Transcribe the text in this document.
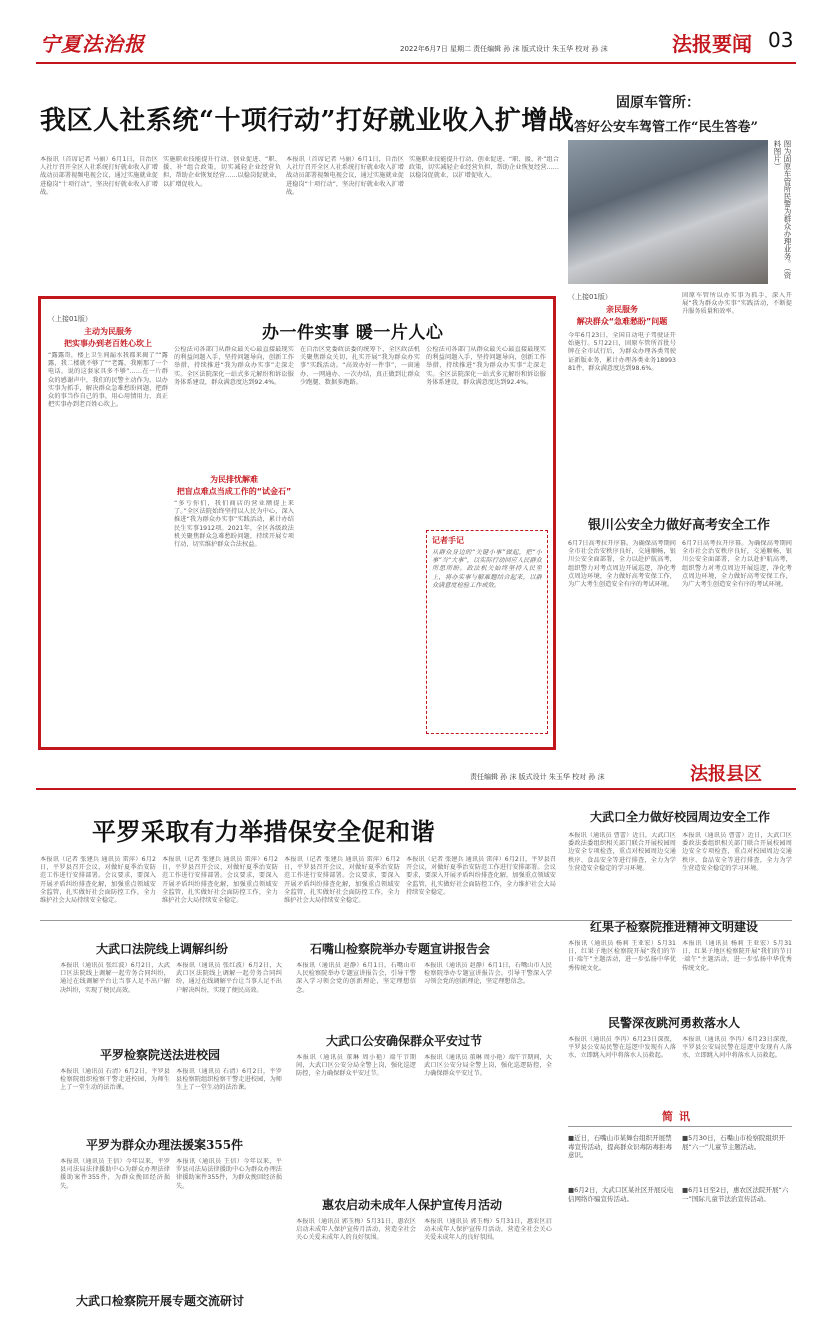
宁夏法治报	2022年6月7日 星期二 责任编辑 孙 沫 版式设计 朱玉华 校对 孙 沫	法报要闻 03
我区人社系统“十项行动”打好就业收入扩增战
本报讯（首席记者 马丽）6月1日，自治区人社厅召开全区人社系统打好就业收入扩增战动员部署视频电视会议，通过实施就业促进稳岗“十项行动”，坚决打好就业收入扩增战。
实施职业技能提升行动、创业促进、“职、援、补”组合政策，切实减轻企业经营负担，帮助企业恢复经营……以稳岗促就业，以扩增促收入。
本报讯（首席记者 马丽）6月1日，自治区人社厅召开全区人社系统打好就业收入扩增战动员部署视频电视会议，通过实施就业促进稳岗“十项行动”，坚决打好就业收入扩增战。
实施职业技能提升行动、创业促进、“职、援、补”组合政策，切实减轻企业经营负担，帮助企业恢复经营……以稳岗促就业，以扩增促收入。
固原车管所：
答好公安车驾管工作“民生答卷”
图为固原车管所民警为群众办理业务。（资料图片）
（上接01版）
办一件实事 暖一片人心
主动为民服务
把实事办到老百姓心坎上
“露露哥，楼上卫生间漏水我都来揭了”“露露，我二楼就不够了”“老露，我刚那了一个电话，说的这套家具多不够”……在一片群众的感谢声中，我们的民警主动作为，以办实事为抓手，解决群众急难愁盼问题，把群众的事当作自己的事，用心用情用力，真正把实事办到老百姓心坎上。
公检法司各部门从群众最关心最直接最现实的利益问题入手，坚持问题导向，创新工作举措，持续推进“我为群众办实事”走深走实。全区法院深化一站式多元解纷和诉讼服务体系建设，群众满意度达到92.4%。
为民排忧解难
把盲点难点当成工作的“试金石”
“多亏你们，我们商店的营业额提上来了。”全区法院始终坚持以人民为中心，深入推进“我为群众办实事”实践活动，累计办结民生实事1912项。2021年，全区各级政法机关聚焦群众急难愁盼问题，持续开展专项行动，切实维护群众合法权益。
在自治区党委政法委的统筹下，全区政法机关聚焦群众关切，扎实开展“我为群众办实事”实践活动。“高效办好一件事”，一窗通办、一网通办、一次办结，真正做到让群众少跑腿、数据多跑路。
公检法司各部门从群众最关心最直接最现实的利益问题入手，坚持问题导向，创新工作举措，持续推进“我为群众办实事”走深走实。全区法院深化一站式多元解纷和诉讼服务体系建设，群众满意度达到92.4%。
记者手记
从群众身边的“关键小事”做起，把“小事”当“大事”，以实际行动回应人民群众所思所盼。政法机关始终坚持人民至上，将办实事与解难题结合起来，以群众满意度检验工作成效。
（上接01版）
亲民服务
解决群众“急难愁盼”问题
今年6月23日，全国自动电子驾驶证开始施行。5月22日，固原车管所首批号牌在全市试行后，为群众办理各类驾驶证新版业务，累计办理各类业务1899381件，群众满意度达到98.6%。
固原车管所以办实事为抓手，深入开展“我为群众办实事”实践活动，不断提升服务质量和效率。
银川公安全力做好高考安全工作
6月7日高考拉开序幕。为确保高考期间全市社会治安秩序良好，交通顺畅，银川公安全面部署，全力以赴护航高考，组织警力对考点周边开展巡逻，净化考点周边环境，全力做好高考安保工作，为广大考生创造安全有序的考试环境。
6月7日高考拉开序幕。为确保高考期间全市社会治安秩序良好，交通顺畅，银川公安全面部署，全力以赴护航高考，组织警力对考点周边开展巡逻，净化考点周边环境，全力做好高考安保工作，为广大考生创造安全有序的考试环境。
责任编辑 孙 沫 版式设计 朱玉华 校对 孙 沫	法报县区
平罗采取有力举措保安全促和谐
本报讯（记者 张建兵 通讯员 雷萍）6月2日，平罗县召开会议，对做好夏季治安防范工作进行安排部署。会议要求，要深入开展矛盾纠纷排查化解，加强重点领域安全监管，扎实做好社会面防控工作，全力维护社会大局持续安全稳定。
本报讯（记者 张建兵 通讯员 雷萍）6月2日，平罗县召开会议，对做好夏季治安防范工作进行安排部署。会议要求，要深入开展矛盾纠纷排查化解，加强重点领域安全监管，扎实做好社会面防控工作，全力维护社会大局持续安全稳定。
本报讯（记者 张建兵 通讯员 雷萍）6月2日，平罗县召开会议，对做好夏季治安防范工作进行安排部署。会议要求，要深入开展矛盾纠纷排查化解，加强重点领域安全监管，扎实做好社会面防控工作，全力维护社会大局持续安全稳定。
本报讯（记者 张建兵 通讯员 雷萍）6月2日，平罗县召开会议，对做好夏季治安防范工作进行安排部署。会议要求，要深入开展矛盾纠纷排查化解，加强重点领域安全监管，扎实做好社会面防控工作，全力维护社会大局持续安全稳定。
大武口全力做好校园周边安全工作
本报讯（通讯员 曹蕾）近日，大武口区委政法委组织相关部门联合开展校园周边安全专项检查，重点对校园周边交通秩序、食品安全等进行排查，全力为学生营造安全稳定的学习环境。
本报讯（通讯员 曹蕾）近日，大武口区委政法委组织相关部门联合开展校园周边安全专项检查，重点对校园周边交通秩序、食品安全等进行排查，全力为学生营造安全稳定的学习环境。
大武口法院线上调解纠纷
本报讯（通讯员 张红波）6月2日，大武口区法院线上调解一起劳务合同纠纷，通过在线调解平台让当事人足不出户解决纠纷，实现了便民高效。
本报讯（通讯员 张红波）6月2日，大武口区法院线上调解一起劳务合同纠纷，通过在线调解平台让当事人足不出户解决纠纷，实现了便民高效。
石嘴山检察院举办专题宣讲报告会
本报讯（通讯员 赵静）6月1日，石嘴山市人民检察院举办专题宣讲报告会，引导干警深入学习领会党的创新理论，坚定理想信念。
本报讯（通讯员 赵静）6月1日，石嘴山市人民检察院举办专题宣讲报告会，引导干警深入学习领会党的创新理论，坚定理想信念。
红果子检察院推进精神文明建设
本报讯（通讯员 杨莉 王亚宏）5月31日，红果子地区检察院开展“我们的节日·端午”主题活动，进一步弘扬中华优秀传统文化。
本报讯（通讯员 杨莉 王亚宏）5月31日，红果子地区检察院开展“我们的节日·端午”主题活动，进一步弘扬中华优秀传统文化。
平罗检察院送法进校园
本报讯（通讯员 石清）6月2日，平罗县检察院组织检察干警走进校园，为师生上了一堂生动的法治课。
本报讯（通讯员 石清）6月2日，平罗县检察院组织检察干警走进校园，为师生上了一堂生动的法治课。
大武口公安确保群众平安过节
本报讯（通讯员 董琳 周小艳）端午节期间，大武口区公安分局全警上岗，强化巡逻防控，全力确保群众平安过节。
本报讯（通讯员 董琳 周小艳）端午节期间，大武口区公安分局全警上岗，强化巡逻防控，全力确保群众平安过节。
民警深夜跳河勇救落水人
本报讯（通讯员 李冉）6月23日深夜，平罗县公安局民警在巡逻中发现有人落水，立即跳入河中将落水人员救起。
本报讯（通讯员 李冉）6月23日深夜，平罗县公安局民警在巡逻中发现有人落水，立即跳入河中将落水人员救起。
平罗为群众办理法援案355件
本报讯（通讯员 王信）今年以来，平罗县司法局法律援助中心为群众办理法律援助案件355件，为群众挽回经济损失。
本报讯（通讯员 王信）今年以来，平罗县司法局法律援助中心为群众办理法律援助案件355件，为群众挽回经济损失。
惠农启动未成年人保护宣传月活动
本报讯（通讯员 郭玉梅）5月31日，惠农区启动未成年人保护宣传月活动，营造全社会关心关爱未成年人的良好氛围。
本报讯（通讯员 郭玉梅）5月31日，惠农区启动未成年人保护宣传月活动，营造全社会关心关爱未成年人的良好氛围。
大武口检察院开展专题交流研讨
简讯
■近日，石嘴山市某舞台组织开展禁毒宣传活动，提高群众识毒防毒拒毒意识。
■6月2日，大武口区某社区开展反电信网络诈骗宣传活动。
■5月30日，石嘴山市检察院组织开展“六一”儿童节主题活动。
■6月1日至2日，惠农区法院开展“六一”国际儿童节法治宣传活动。
